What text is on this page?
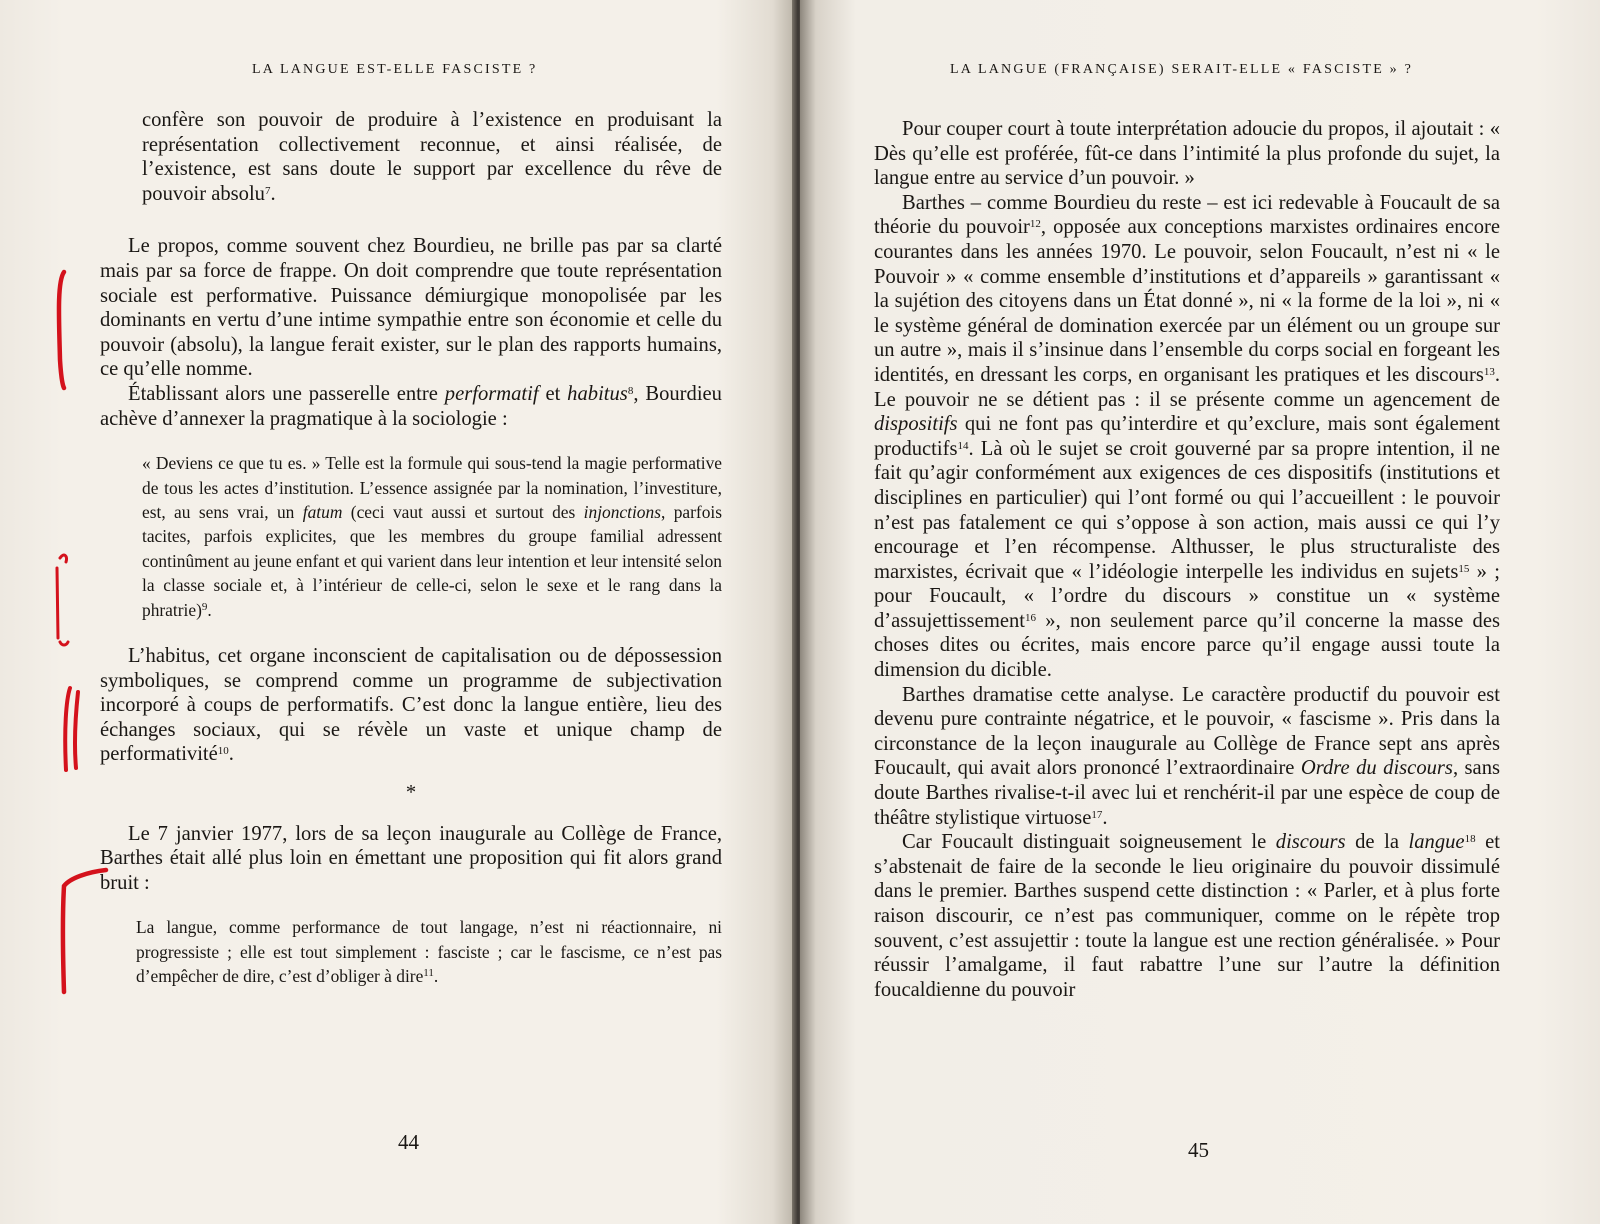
LA LANGUE EST-ELLE FASCISTE ?

confère son pouvoir de produire à l’existence en produisant la représentation collectivement reconnue, et ainsi réalisée, de l’existence, est sans doute le support par excellence du rêve de pouvoir absolu$^7$.

Le propos, comme souvent chez Bourdieu, ne brille pas par sa clarté mais par sa force de frappe. On doit comprendre que toute représentation sociale est performative. Puissance démiurgique monopolisée par les dominants en vertu d’une intime sympathie entre son économie et celle du pouvoir (absolu), la langue ferait exister, sur le plan des rapports humains, ce qu’elle nomme.

Établissant alors une passerelle entre performatif et habitus$^8$, Bourdieu achève d’annexer la pragmatique à la sociologie :

« Deviens ce que tu es. » Telle est la formule qui sous-tend la magie performative de tous les actes d’institution. L’essence assignée par la nomination, l’investiture, est, au sens vrai, un fatum (ceci vaut aussi et surtout des injonctions, parfois tacites, parfois explicites, que les membres du groupe familial adressent continûment au jeune enfant et qui varient dans leur intention et leur intensité selon la classe sociale et, à l’intérieur de celle-ci, selon le sexe et le rang dans la phratrie)$^9$.

L’habitus, cet organe inconscient de capitalisation ou de dépossession symboliques, se comprend comme un programme de subjectivation incorporé à coups de performatifs. C’est donc la langue entière, lieu des échanges sociaux, qui se révèle un vaste et unique champ de performativité$^{10}$.

*

Le 7 janvier 1977, lors de sa leçon inaugurale au Collège de France, Barthes était allé plus loin en émettant une proposition qui fit alors grand bruit :

La langue, comme performance de tout langage, n’est ni réactionnaire, ni progressiste ; elle est tout simplement : fasciste ; car le fascisme, ce n’est pas d’empêcher de dire, c’est d’obliger à dire$^{11}$.

44
LA LANGUE (FRANÇAISE) SERAIT-ELLE « FASCISTE » ?

Pour couper court à toute interprétation adoucie du propos, il ajoutait : « Dès qu’elle est proférée, fût-ce dans l’intimité la plus profonde du sujet, la langue entre au service d’un pouvoir. »

Barthes – comme Bourdieu du reste – est ici redevable à Foucault de sa théorie du pouvoir$^{12}$, opposée aux conceptions marxistes ordinaires encore courantes dans les années 1970. Le pouvoir, selon Foucault, n’est ni « le Pouvoir » « comme ensemble d’institutions et d’appareils » garantissant « la sujétion des citoyens dans un État donné », ni « la forme de la loi », ni « le système général de domination exercée par un élément ou un groupe sur un autre », mais il s’insinue dans l’ensemble du corps social en forgeant les identités, en dressant les corps, en organisant les pratiques et les discours$^{13}$. Le pouvoir ne se détient pas : il se présente comme un agencement de dispositifs qui ne font pas qu’interdire et qu’exclure, mais sont également productifs$^{14}$. Là où le sujet se croit gouverné par sa propre intention, il ne fait qu’agir conformément aux exigences de ces dispositifs (institutions et disciplines en particulier) qui l’ont formé ou qui l’accueillent : le pouvoir n’est pas fatalement ce qui s’oppose à son action, mais aussi ce qui l’y encourage et l’en récompense. Althusser, le plus structuraliste des marxistes, écrivait que « l’idéologie interpelle les individus en sujets$^{15}$ » ; pour Foucault, « l’ordre du discours » constitue un « système d’assujettissement$^{16}$ », non seulement parce qu’il concerne la masse des choses dites ou écrites, mais encore parce qu’il engage aussi toute la dimension du dicible.

Barthes dramatise cette analyse. Le caractère productif du pouvoir est devenu pure contrainte négatrice, et le pouvoir, « fascisme ». Pris dans la circonstance de la leçon inaugurale au Collège de France sept ans après Foucault, qui avait alors prononcé l’extraordinaire Ordre du discours, sans doute Barthes rivalise-t-il avec lui et renchérit-il par une espèce de coup de théâtre stylistique virtuose$^{17}$.

Car Foucault distinguait soigneusement le discours de la langue$^{18}$ et s’abstenait de faire de la seconde le lieu originaire du pouvoir dissimulé dans le premier. Barthes suspend cette distinction : « Parler, et à plus forte raison discourir, ce n’est pas communiquer, comme on le répète trop souvent, c’est assujettir : toute la langue est une rection généralisée. » Pour réussir l’amalgame, il faut rabattre l’une sur l’autre la définition foucaldienne du pouvoir

45
